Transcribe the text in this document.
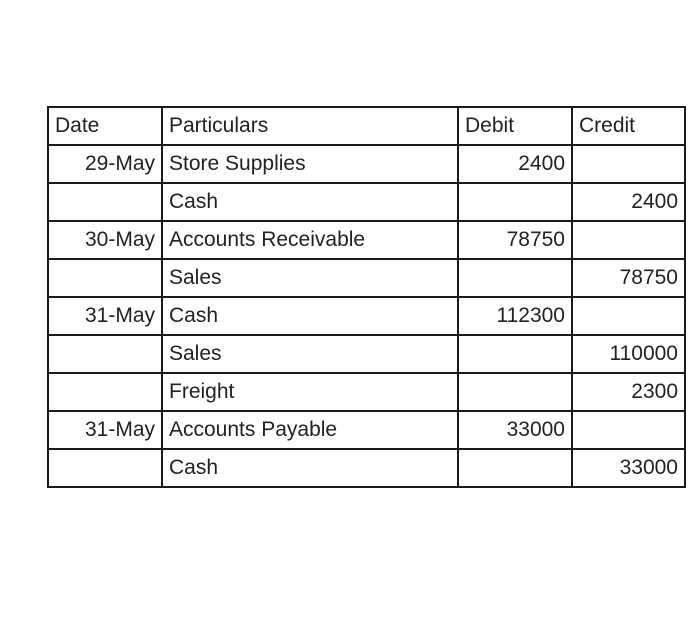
Date	Particulars	Debit	Credit
29-May	Store Supplies	2400	
	Cash		2400
30-May	Accounts Receivable	78750	
	Sales		78750
31-May	Cash	112300	
	Sales		110000
	Freight		2300
31-May	Accounts Payable	33000	
	Cash		33000
